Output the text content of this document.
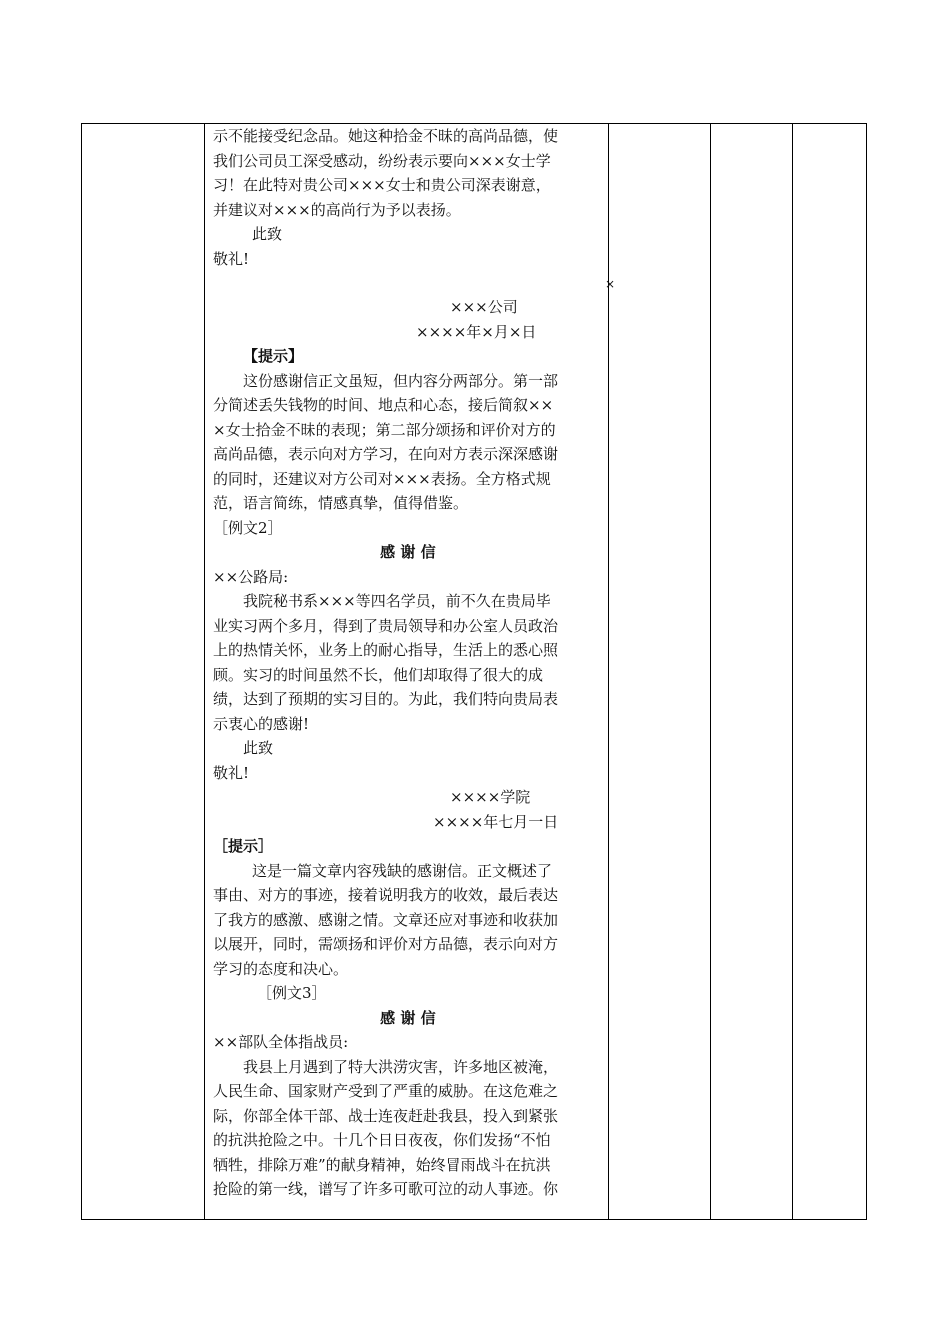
×

示不能接受纪念品。她这种拾金不昧的高尚品德，使

我们公司员工深受感动，纷纷表示要向×××女士学

习！在此特对贵公司×××女士和贵公司深表谢意，

并建议对×××的高尚行为予以表扬。

此致

敬礼!

×××公司

××××年×月×日

【提示】

这份感谢信正文虽短，但内容分两部分。第一部

分简述丢失钱物的时间、地点和心态，接后简叙××

×女士拾金不昧的表现；第二部分颂扬和评价对方的

高尚品德，表示向对方学习，在向对方表示深深感谢

的同时，还建议对方公司对×××表扬。全方格式规

范，语言简练，情感真挚，值得借鉴。

［例文2］

感谢信

××公路局:

我院秘书系×××等四名学员，前不久在贵局毕

业实习两个多月，得到了贵局领导和办公室人员政治

上的热情关怀，业务上的耐心指导，生活上的悉心照

顾。实习的时间虽然不长，他们却取得了很大的成

绩，达到了预期的实习目的。为此，我们特向贵局表

示衷心的感谢!

此致

敬礼!

××××学院

××××年七月一日

［提示］

这是一篇文章内容残缺的感谢信。正文概述了

事由、对方的事迹，接着说明我方的收效，最后表达

了我方的感激、感谢之情。文章还应对事迹和收获加

以展开，同时，需颂扬和评价对方品德，表示向对方

学习的态度和决心。

［例文3］

感谢信

××部队全体指战员:

我县上月遇到了特大洪涝灾害，许多地区被淹，

人民生命、国家财产受到了严重的威胁。在这危难之

际，你部全体干部、战士连夜赶赴我县，投入到紧张

的抗洪抢险之中。十几个日日夜夜，你们发扬“不怕

牺牲，排除万难”的献身精神，始终冒雨战斗在抗洪

抢险的第一线，谱写了许多可歌可泣的动人事迹。你
